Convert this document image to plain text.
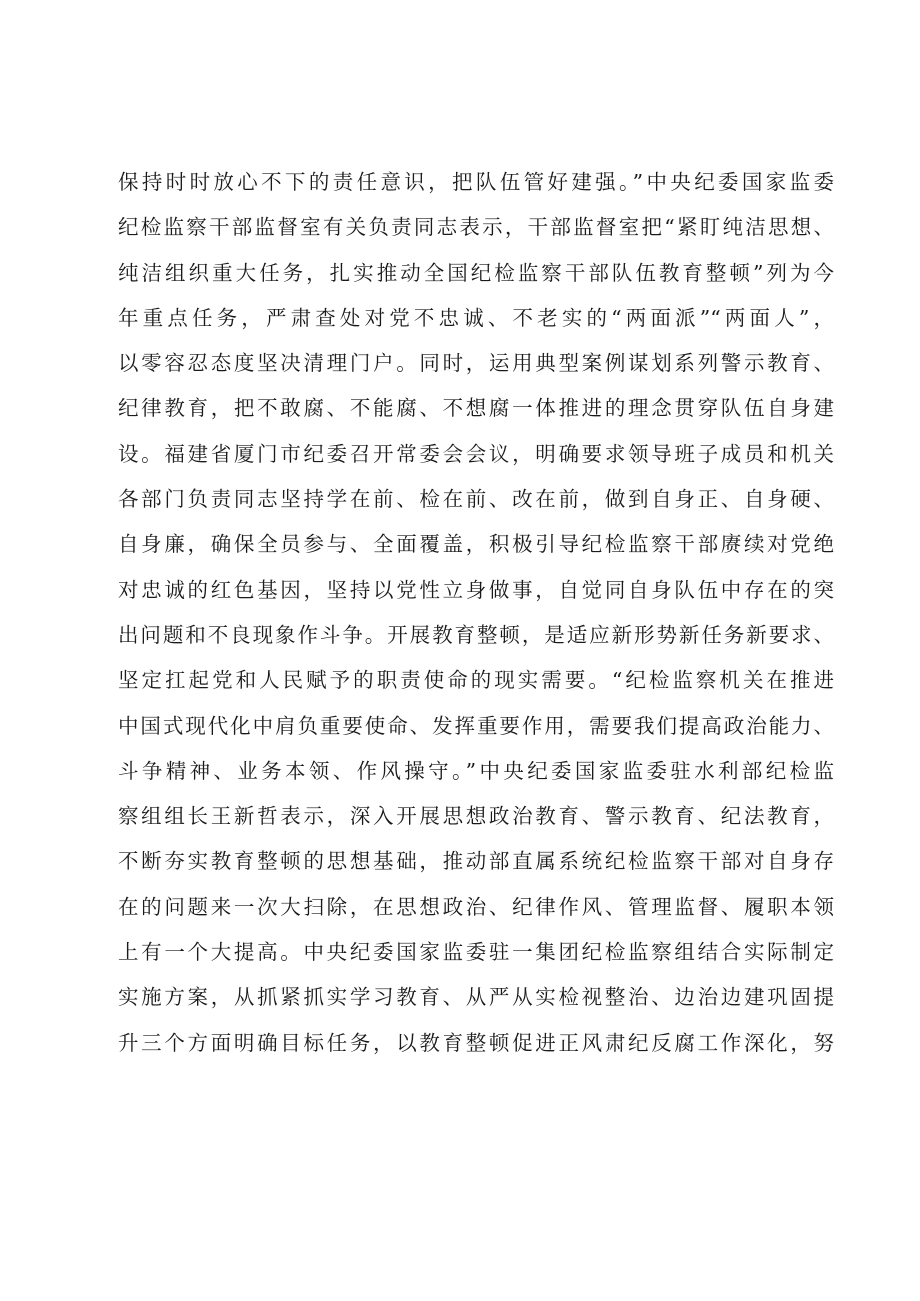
保持时时放心不下的责任意识，把队伍管好建强。”中央纪委国家监委
纪检监察干部监督室有关负责同志表示，干部监督室把“紧盯纯洁思想、
纯洁组织重大任务，扎实推动全国纪检监察干部队伍教育整顿”列为今
年重点任务，严肃查处对党不忠诚、不老实的“两面派”“两面人”，
以零容忍态度坚决清理门户。同时，运用典型案例谋划系列警示教育、
纪律教育，把不敢腐、不能腐、不想腐一体推进的理念贯穿队伍自身建
设。福建省厦门市纪委召开常委会会议，明确要求领导班子成员和机关
各部门负责同志坚持学在前、检在前、改在前，做到自身正、自身硬、
自身廉，确保全员参与、全面覆盖，积极引导纪检监察干部赓续对党绝
对忠诚的红色基因，坚持以党性立身做事，自觉同自身队伍中存在的突
出问题和不良现象作斗争。开展教育整顿，是适应新形势新任务新要求、
坚定扛起党和人民赋予的职责使命的现实需要。“纪检监察机关在推进
中国式现代化中肩负重要使命、发挥重要作用，需要我们提高政治能力、
斗争精神、业务本领、作风操守。”中央纪委国家监委驻水利部纪检监
察组组长王新哲表示，深入开展思想政治教育、警示教育、纪法教育，
不断夯实教育整顿的思想基础，推动部直属系统纪检监察干部对自身存
在的问题来一次大扫除，在思想政治、纪律作风、管理监督、履职本领
上有一个大提高。中央纪委国家监委驻一集团纪检监察组结合实际制定
实施方案，从抓紧抓实学习教育、从严从实检视整治、边治边建巩固提
升三个方面明确目标任务，以教育整顿促进正风肃纪反腐工作深化，努
